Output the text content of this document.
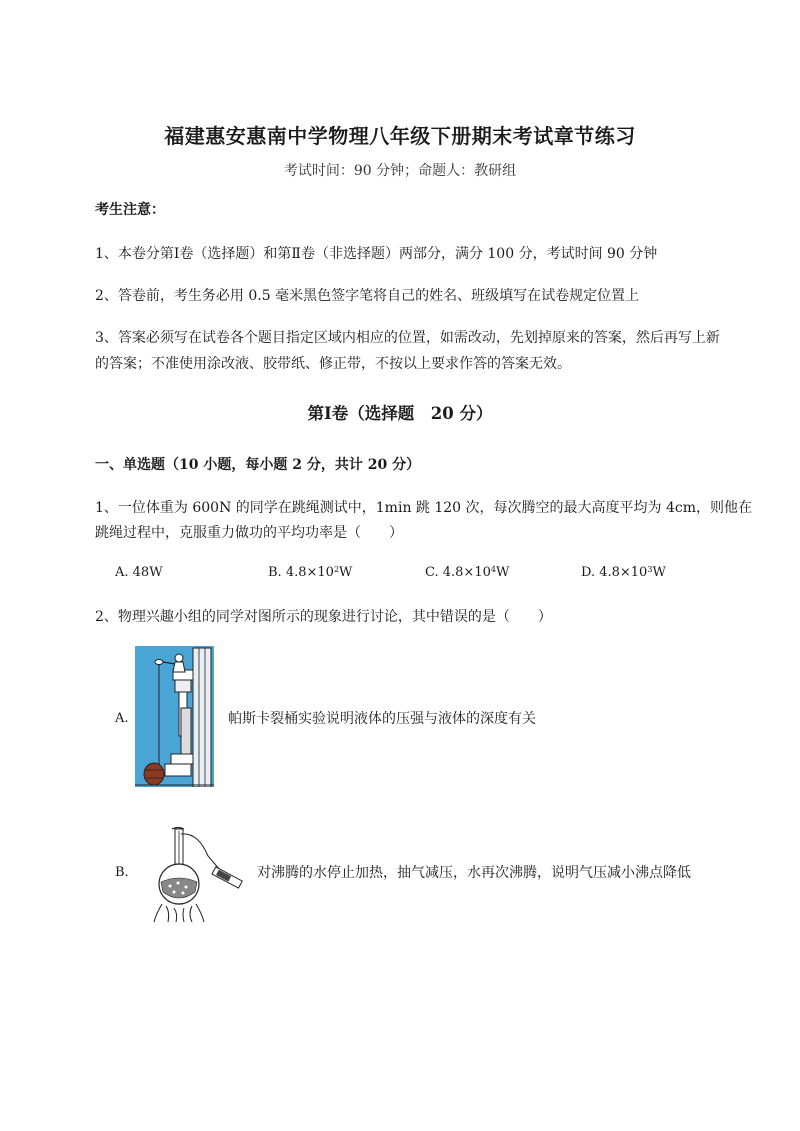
福建惠安惠南中学物理八年级下册期末考试章节练习
考试时间：90 分钟；命题人：教研组
考生注意：
1、本卷分第Ⅰ卷（选择题）和第Ⅱ卷（非选择题）两部分，满分 100 分，考试时间 90 分钟
2、答卷前，考生务必用 0.5 毫米黑色签字笔将自己的姓名、班级填写在试卷规定位置上
3、答案必须写在试卷各个题目指定区域内相应的位置，如需改动，先划掉原来的答案，然后再写上新
的答案；不准使用涂改液、胶带纸、修正带，不按以上要求作答的答案无效。
第Ⅰ卷（选择题　20 分）
一、单选题（10 小题，每小题 2 分，共计 20 分）
1、一位体重为 600N 的同学在跳绳测试中，1min 跳 120 次，每次腾空的最大高度平均为 4cm，则他在
跳绳过程中，克服重力做功的平均功率是（　　）
A. 48W	B. $4.8\times 10^2W$	C. $4.8\times 10^4W$	D. $4.8\times 10^3W$
2、物理兴趣小组的同学对图所示的现象进行讨论，其中错误的是（　　）
A.	帕斯卡裂桶实验说明液体的压强与液体的深度有关
B.	对沸腾的水停止加热，抽气减压，水再次沸腾，说明气压减小沸点降低
